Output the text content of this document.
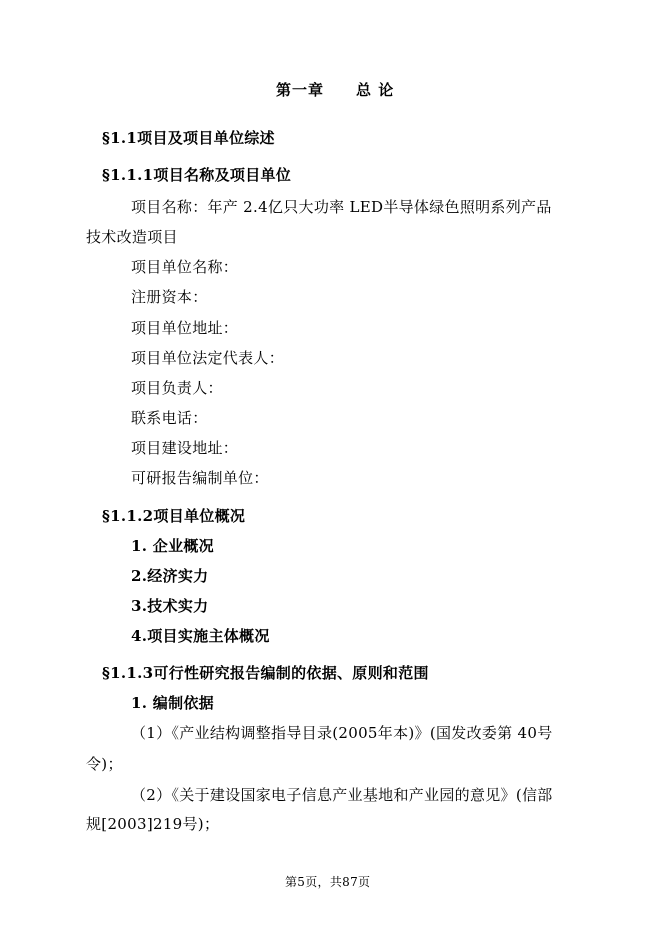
第一章　　总 论
§1.1项目及项目单位综述
§1.1.1项目名称及项目单位
项目名称：年产 2.4亿只大功率 LED半导体绿色照明系列产品
技术改造项目
项目单位名称：
注册资本：
项目单位地址：
项目单位法定代表人：
项目负责人：
联系电话：
项目建设地址：
可研报告编制单位：
§1.1.2项目单位概况
1. 企业概况
2.经济实力
3.技术实力
4.项目实施主体概况
§1.1.3可行性研究报告编制的依据、原则和范围
1. 编制依据
（1）《产业结构调整指导目录(2005年本)》(国发改委第 40号
令)；
（2）《关于建设国家电子信息产业基地和产业园的意见》(信部
规[2003]219号)；
第5页，共87页
